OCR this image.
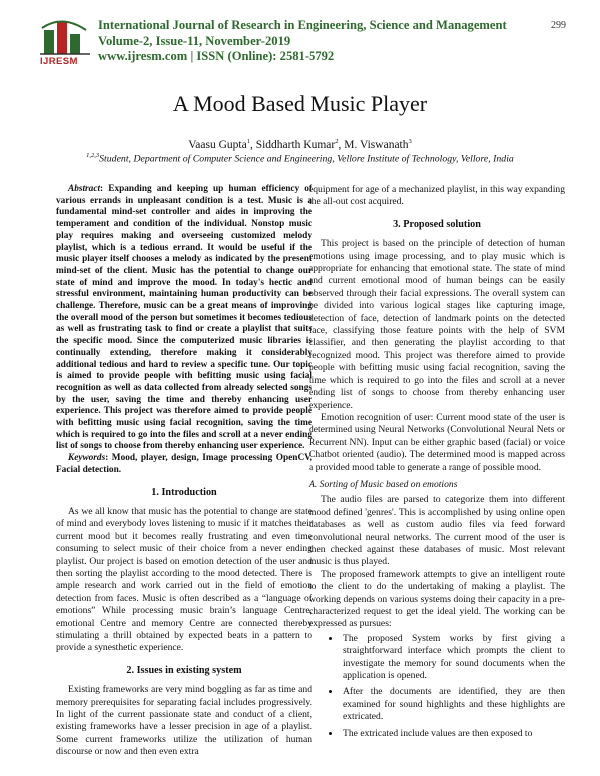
IJRESM
International Journal of Research in Engineering, Science and Management
Volume-2, Issue-11, November-2019
www.ijresm.com | ISSN (Online): 2581-5792
299
A Mood Based Music Player
Vaasu Gupta$^1$, Siddharth Kumar$^2$, M. Viswanath$^3$
$^{1,2,3}$Student, Department of Computer Science and Engineering, Vellore Institute of Technology, Vellore, India

Abstract: Expanding and keeping up human efficiency of various errands in unpleasant condition is a test. Music is a fundamental mind-set controller and aides in improving the temperament and condition of the individual. Nonstop music play requires making and overseeing customized melody playlist, which is a tedious errand. It would be useful if the music player itself chooses a melody as indicated by the present mind-set of the client. Music has the potential to change our state of mind and improve the mood. In today's hectic and stressful environment, maintaining human productivity can be challenge. Therefore, music can be a great means of improving the overall mood of the person but sometimes it becomes tedious as well as frustrating task to find or create a playlist that suits the specific mood. Since the computerized music libraries is continually extending, therefore making it considerably additional tedious and hard to review a specific tune. Our topic is aimed to provide people with befitting music using facial recognition as well as data collected from already selected songs by the user, saving the time and thereby enhancing user experience. This project was therefore aimed to provide people with befitting music using facial recognition, saving the time which is required to go into the files and scroll at a never ending list of songs to choose from thereby enhancing user experience.

Keywords: Mood, player, design, Image processing OpenCV, Facial detection.

1. Introduction

As we all know that music has the potential to change are state of mind and everybody loves listening to music if it matches their current mood but it becomes really frustrating and even time consuming to select music of their choice from a never ending playlist. Our project is based on emotion detection of the user and then sorting the playlist according to the mood detected. There is ample research and work carried out in the field of emotion detection from faces. Music is often described as a “language of emotions” While processing music brain’s language Centre, emotional Centre and memory Centre are connected thereby stimulating a thrill obtained by expected beats in a pattern to provide a synesthetic experience.

2. Issues in existing system

Existing frameworks are very mind boggling as far as time and memory prerequisites for separating facial includes progressively. In light of the current passionate state and conduct of a client, existing frameworks have a lesser precision in age of a playlist. Some current frameworks utilize the utilization of human discourse or now and then even extra

equipment for age of a mechanized playlist, in this way expanding the all-out cost acquired.

3. Proposed solution

This project is based on the principle of detection of human emotions using image processing, and to play music which is appropriate for enhancing that emotional state. The state of mind and current emotional mood of human beings can be easily observed through their facial expressions. The overall system can be divided into various logical stages like capturing image, detection of face, detection of landmark points on the detected face, classifying those feature points with the help of SVM classifier, and then generating the playlist according to that recognized mood. This project was therefore aimed to provide people with befitting music using facial recognition, saving the time which is required to go into the files and scroll at a never ending list of songs to choose from thereby enhancing user experience.

Emotion recognition of user: Current mood state of the user is determined using Neural Networks (Convolutional Neural Nets or Recurrent NN). Input can be either graphic based (facial) or voice Chatbot oriented (audio). The determined mood is mapped across a provided mood table to generate a range of possible mood.

A. Sorting of Music based on emotions

The audio files are parsed to categorize them into different mood defined 'genres'. This is accomplished by using online open databases as well as custom audio files via feed forward convolutional neural networks. The current mood of the user is then checked against these databases of music. Most relevant music is thus played.

The proposed framework attempts to give an intelligent route to the client to do the undertaking of making a playlist. The working depends on various systems doing their capacity in a pre-characterized request to get the ideal yield. The working can be expressed as pursues:

• The proposed System works by first giving a straightforward interface which prompts the client to investigate the memory for sound documents when the application is opened.
• After the documents are identified, they are then examined for sound highlights and these highlights are extricated.
• The extricated include values are then exposed to
